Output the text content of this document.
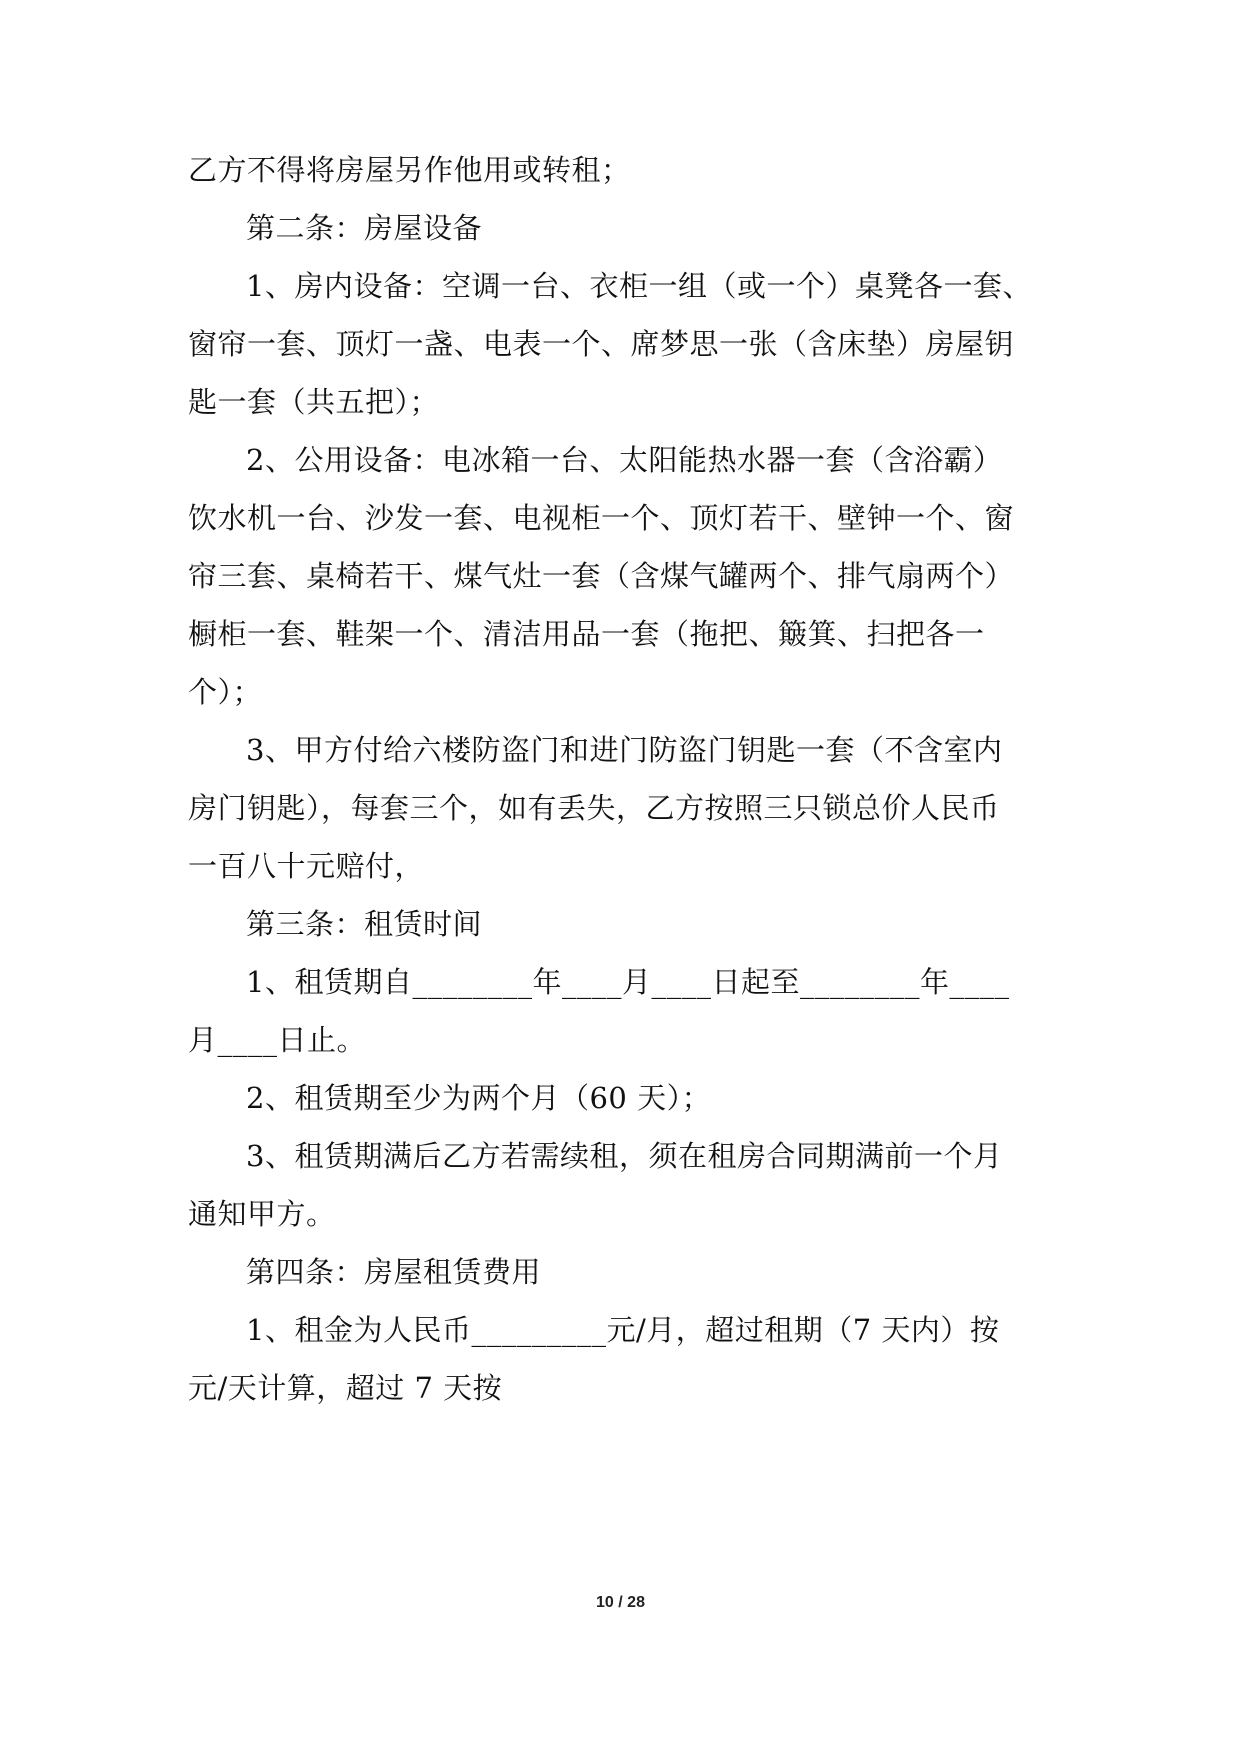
乙方不得将房屋另作他用或转租；
第二条：房屋设备
1、房内设备：空调一台、衣柜一组（或一个）桌凳各一套、
窗帘一套、顶灯一盏、电表一个、席梦思一张（含床垫）房屋钥
匙一套（共五把）；
2、公用设备：电冰箱一台、太阳能热水器一套（含浴霸）
饮水机一台、沙发一套、电视柜一个、顶灯若干、壁钟一个、窗
帘三套、桌椅若干、煤气灶一套（含煤气罐两个、排气扇两个）
橱柜一套、鞋架一个、清洁用品一套（拖把、簸箕、扫把各一
个）；
3、甲方付给六楼防盗门和进门防盗门钥匙一套（不含室内
房门钥匙），每套三个，如有丢失，乙方按照三只锁总价人民币
一百八十元赔付，
第三条：租赁时间
1、租赁期自________年____月____日起至________年____
月____日止。
2、租赁期至少为两个月（60 天）；
3、租赁期满后乙方若需续租，须在租房合同期满前一个月
通知甲方。
第四条：房屋租赁费用
1、租金为人民币_________元/月，超过租期（7 天内）按
元/天计算，超过 7 天按
10 / 28
